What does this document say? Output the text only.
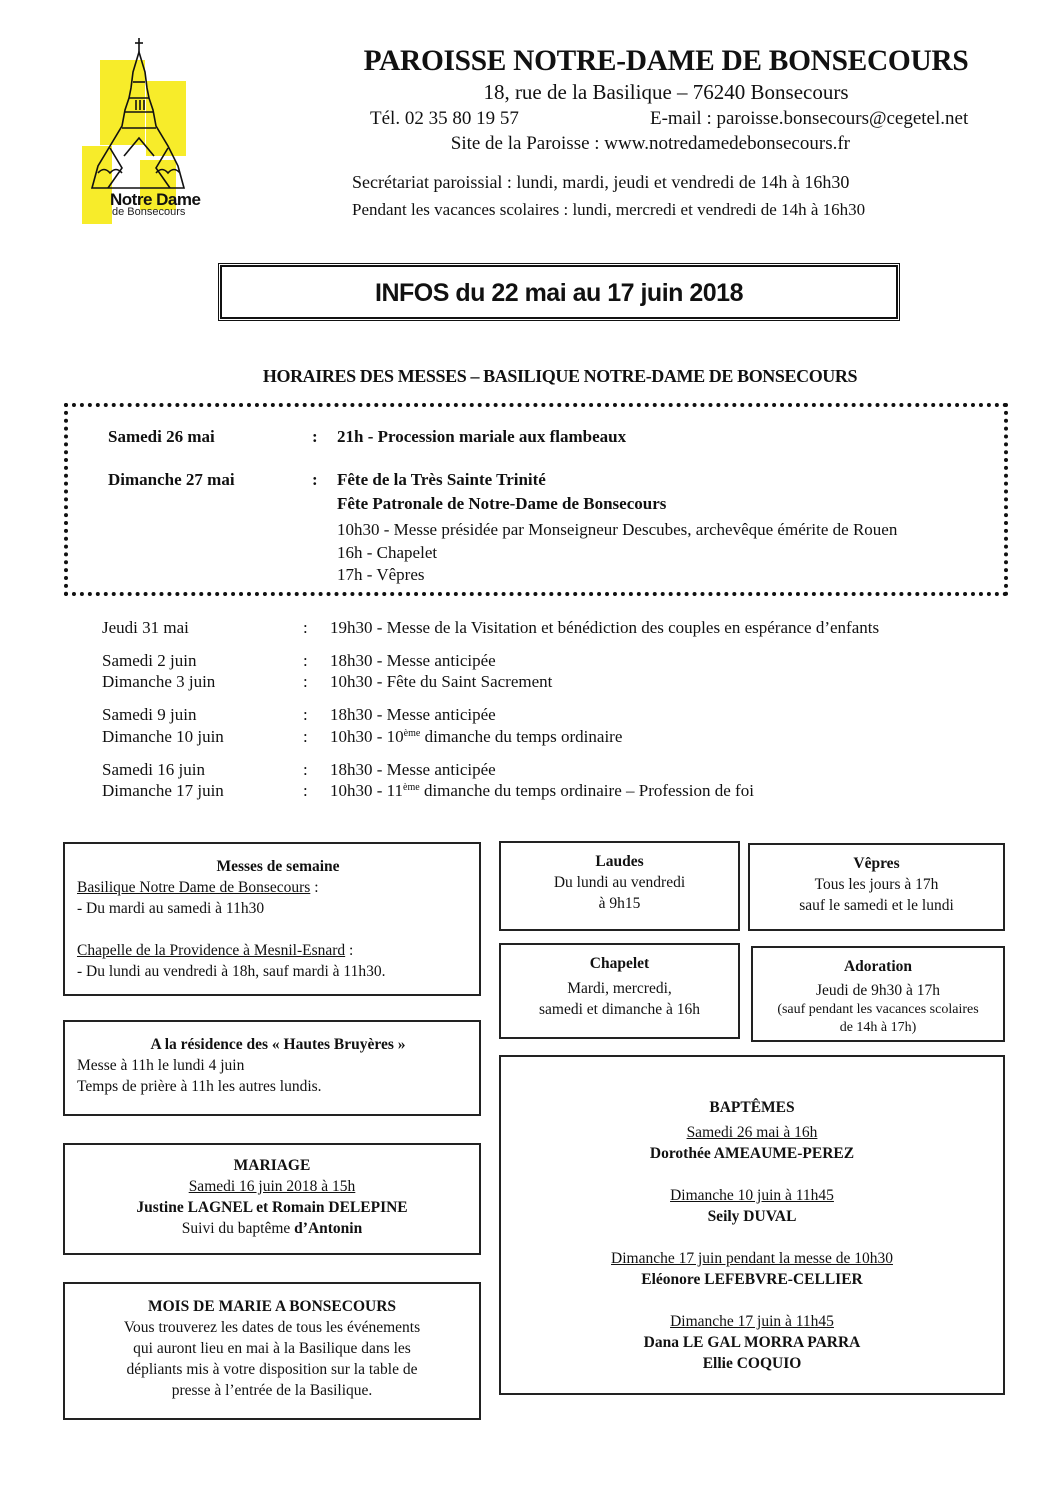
Notre Dame
de Bonsecours
PAROISSE NOTRE-DAME DE BONSECOURS
18, rue de la Basilique – 76240 Bonsecours
Tél. 02 35 80 19 57	E-mail : paroisse.bonsecours@cegetel.net
Site de la Paroisse : www.notredamedebonsecours.fr
Secrétariat paroissial : lundi, mardi, jeudi et vendredi de 14h à 16h30
Pendant les vacances scolaires : lundi, mercredi et vendredi de 14h à 16h30
INFOS du 22 mai au 17 juin 2018
HORAIRES DES MESSES – BASILIQUE NOTRE-DAME DE BONSECOURS
Samedi 26 mai	: 21h - Procession mariale aux flambeaux
Dimanche 27 mai	: Fête de la Très Sainte Trinité
Fête Patronale de Notre-Dame de Bonsecours
10h30 - Messe présidée par Monseigneur Descubes, archevêque émérite de Rouen
16h - Chapelet
17h - Vêpres
Jeudi 31 mai	: 19h30 - Messe de la Visitation et bénédiction des couples en espérance d’enfants
Samedi 2 juin	: 18h30 - Messe anticipée
Dimanche 3 juin	: 10h30 - Fête du Saint Sacrement
Samedi 9 juin	: 18h30 - Messe anticipée
Dimanche 10 juin	: 10h30 - 10ème dimanche du temps ordinaire
Samedi 16 juin	: 18h30 - Messe anticipée
Dimanche 17 juin	: 10h30 - 11ème dimanche du temps ordinaire – Profession de foi
Messes de semaine
Basilique Notre Dame de Bonsecours :
- Du mardi au samedi à 11h30
Chapelle de la Providence à Mesnil-Esnard :
- Du lundi au vendredi à 18h, sauf mardi à 11h30.
A la résidence des « Hautes Bruyères »
Messe à 11h le lundi 4 juin
Temps de prière à 11h les autres lundis.
MARIAGE
Samedi 16 juin 2018 à 15h
Justine LAGNEL et Romain DELEPINE
Suivi du baptême d’Antonin
MOIS DE MARIE A BONSECOURS
Vous trouverez les dates de tous les événements
qui auront lieu en mai à la Basilique dans les
dépliants mis à votre disposition sur la table de
presse à l’entrée de la Basilique.
Laudes
Du lundi au vendredi
à 9h15
Vêpres
Tous les jours à 17h
sauf le samedi et le lundi
Chapelet
Mardi, mercredi,
samedi et dimanche à 16h
Adoration
Jeudi de 9h30 à 17h
(sauf pendant les vacances scolaires
de 14h à 17h)
BAPTÊMES
Samedi 26 mai à 16h
Dorothée AMEAUME-PEREZ
Dimanche 10 juin à 11h45
Seily DUVAL
Dimanche 17 juin pendant la messe de 10h30
Eléonore LEFEBVRE-CELLIER
Dimanche 17 juin à 11h45
Dana LE GAL MORRA PARRA
Ellie COQUIO
